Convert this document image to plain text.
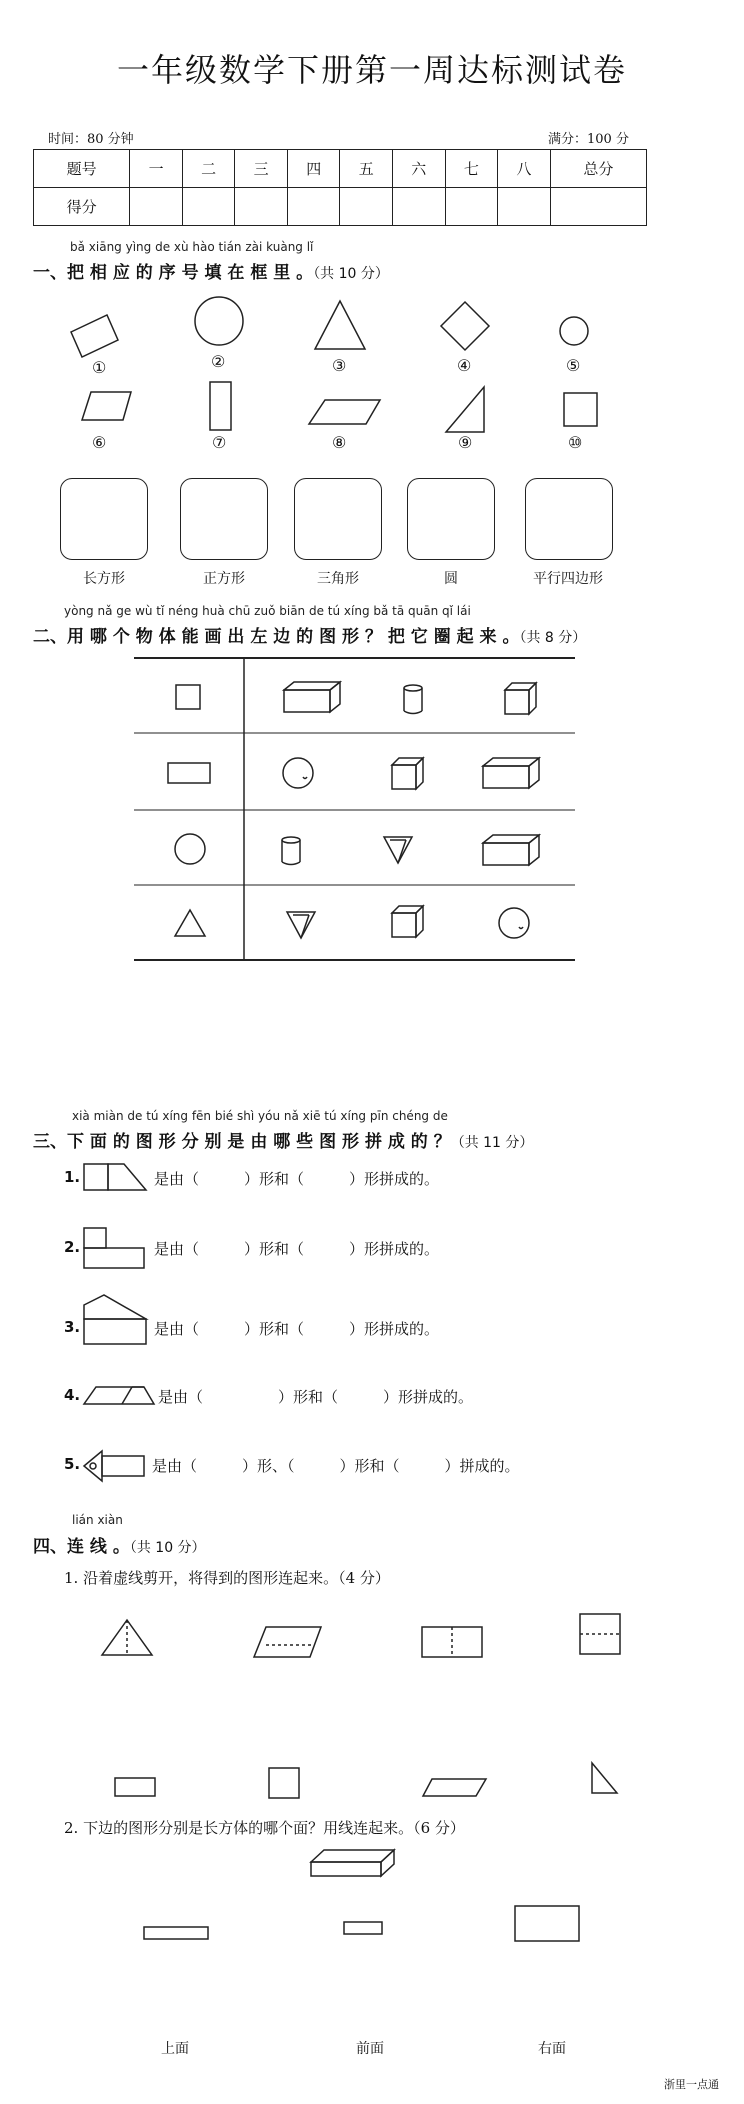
一年级数学下册第一周达标测试卷
时间：80 分钟	满分：100 分
题号	一	二	三	四	五	六	七	八	总分
得分									
bǎ xiāng yìng de xù hào tián zài kuàng lǐ
一、把 相 应 的 序 号 填 在 框 里 。（共 10 分）
①	②	③	④	⑤
⑥	⑦	⑧	⑨	⑩
长方形	正方形	三角形	圆	平行四边形
yòng nǎ ge wù tǐ néng huà chū zuǒ biān de tú xíng bǎ tā quān qǐ lái
二、用 哪 个 物 体 能 画 出 左 边 的 图 形 ？ 把 它 圈 起 来 。（共 8 分）
xià miàn de tú xíng fēn bié shì yóu nǎ xiē tú xíng pīn chéng de
三、下 面 的 图 形 分 别 是 由 哪 些 图 形 拼 成 的 ？（共 11 分）
1.	是由（　　　）形和（　　　）形拼成的。
2.	是由（　　　）形和（　　　）形拼成的。
3.	是由（　　　）形和（　　　）形拼成的。
4.	是由（　　　　　）形和（　　　）形拼成的。
5.	是由（　　　）形、（　　　）形和（　　　）拼成的。
lián xiàn
四、连 线 。（共 10 分）
1. 沿着虚线剪开，将得到的图形连起来。（4 分）
2. 下边的图形分别是长方体的哪个面？用线连起来。（6 分）
上面	前面	右面
浙里一点通
